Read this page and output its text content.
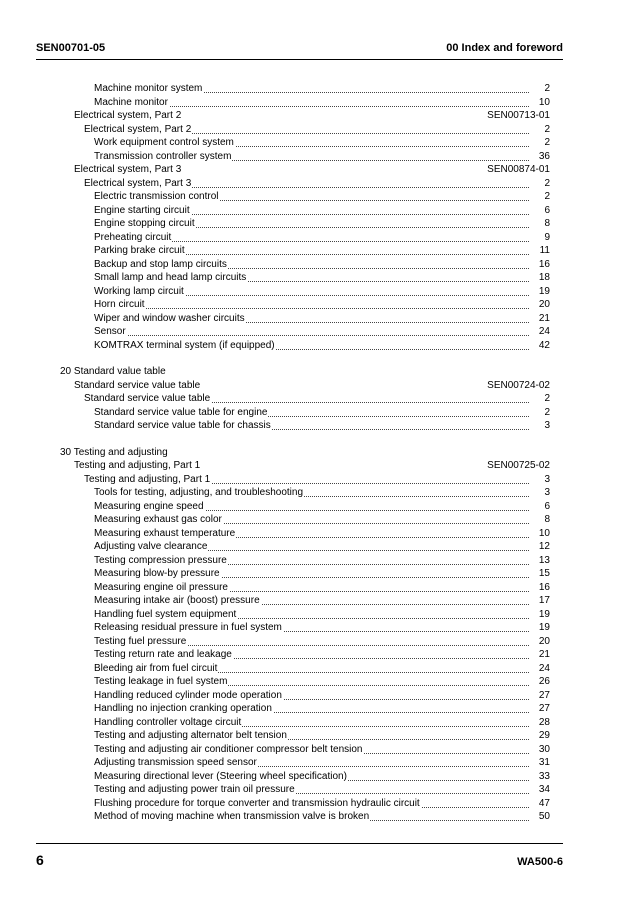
SEN00701-05	00 Index and foreword
Machine monitor system	2
Machine monitor	10
Electrical system, Part 2	SEN00713-01
Electrical system, Part 2	2
Work equipment control system	2
Transmission controller system	36
Electrical system, Part 3	SEN00874-01
Electrical system, Part 3	2
Electric transmission control	2
Engine starting circuit	6
Engine stopping circuit	8
Preheating circuit	9
Parking brake circuit	11
Backup and stop lamp circuits	16
Small lamp and head lamp circuits	18
Working lamp circuit	19
Horn circuit	20
Wiper and window washer circuits	21
Sensor	24
KOMTRAX terminal system (if equipped)	42
20 Standard value table
Standard service value table	SEN00724-02
Standard service value table	2
Standard service value table for engine	2
Standard service value table for chassis	3
30 Testing and adjusting
Testing and adjusting, Part 1	SEN00725-02
Testing and adjusting, Part 1	3
Tools for testing, adjusting, and troubleshooting	3
Measuring engine speed	6
Measuring exhaust gas color	8
Measuring exhaust temperature	10
Adjusting valve clearance	12
Testing compression pressure	13
Measuring blow-by pressure	15
Measuring engine oil pressure	16
Measuring intake air (boost) pressure	17
Handling fuel system equipment	19
Releasing residual pressure in fuel system	19
Testing fuel pressure	20
Testing return rate and leakage	21
Bleeding air from fuel circuit	24
Testing leakage in fuel system	26
Handling reduced cylinder mode operation	27
Handling no injection cranking operation	27
Handling controller voltage circuit	28
Testing and adjusting alternator belt tension	29
Testing and adjusting air conditioner compressor belt tension	30
Adjusting transmission speed sensor	31
Measuring directional lever (Steering wheel specification)	33
Testing and adjusting power train oil pressure	34
Flushing procedure for torque converter and transmission hydraulic circuit	47
Method of moving machine when transmission valve is broken	50
6	WA500-6
